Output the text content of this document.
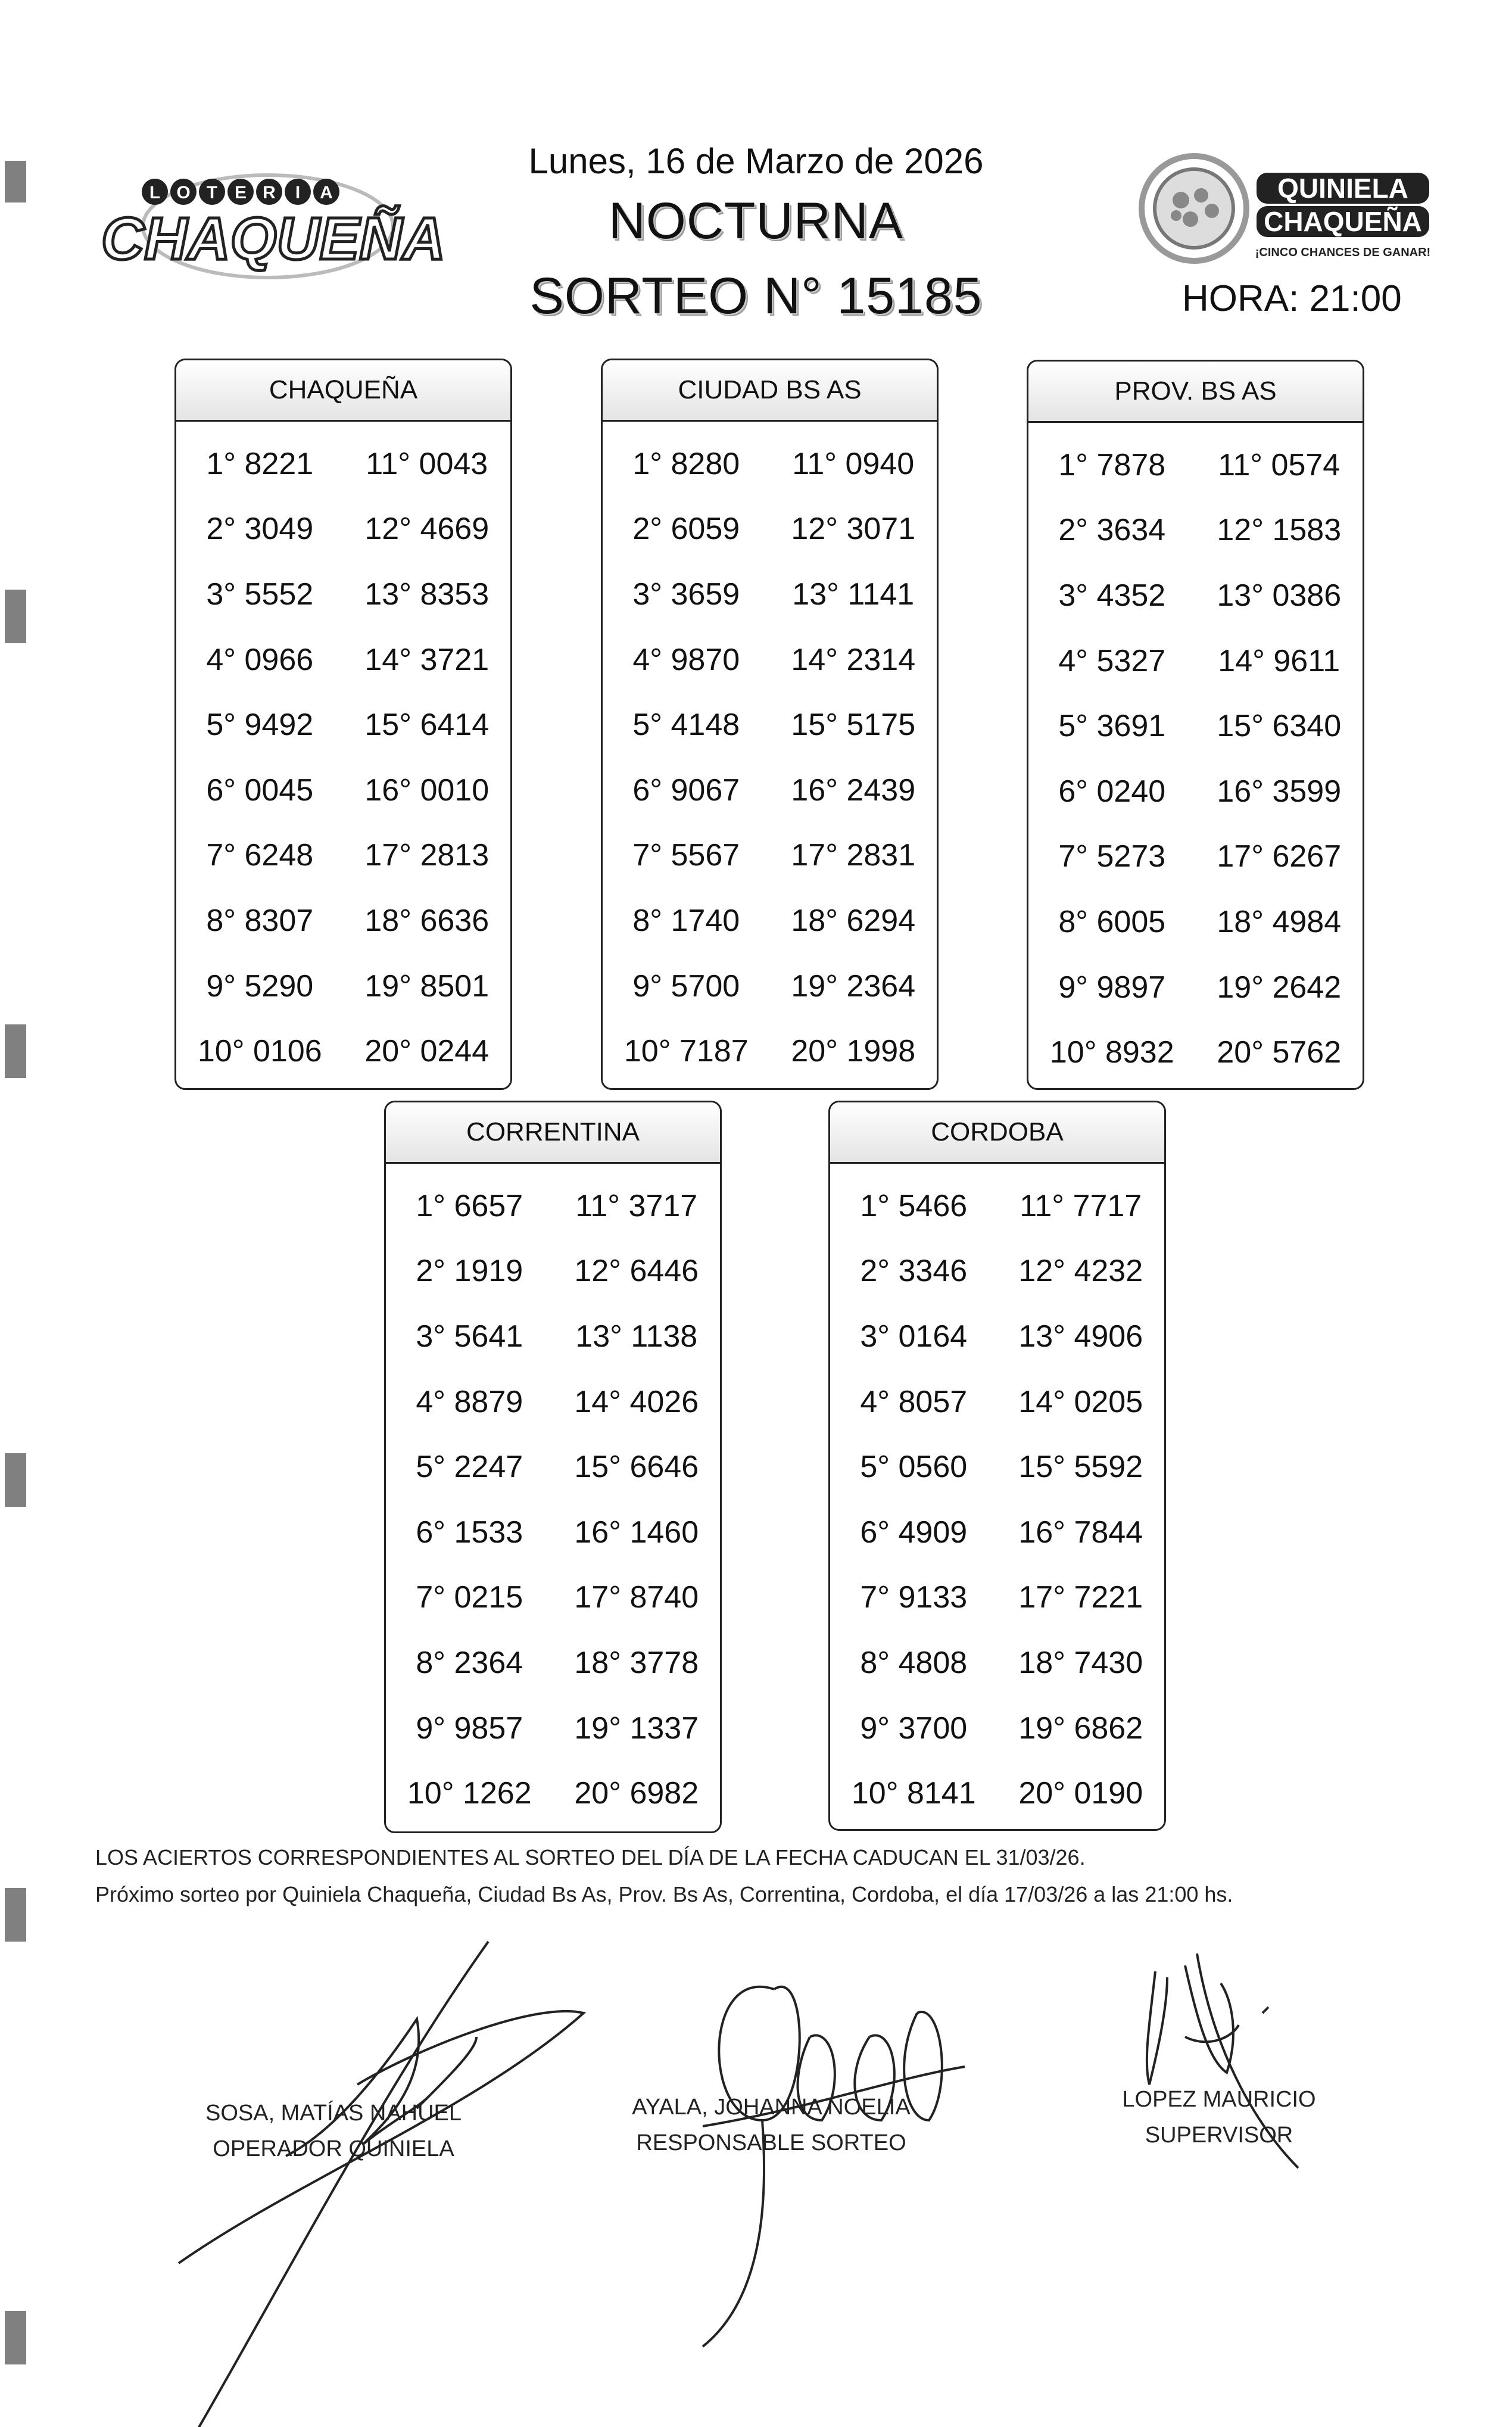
L O T E R I A
CHAQUEÑA
QUINIELA
CHAQUEÑA
¡CINCO CHANCES DE GANAR!
Lunes, 16 de Marzo de 2026
NOCTURNA
SORTEO N° 15185	HORA: 21:00
CHAQUEÑA
1° 8221	11° 0043
2° 3049	12° 4669
3° 5552	13° 8353
4° 0966	14° 3721
5° 9492	15° 6414
6° 0045	16° 0010
7° 6248	17° 2813
8° 8307	18° 6636
9° 5290	19° 8501
10° 0106	20° 0244
CIUDAD BS AS
1° 8280	11° 0940
2° 6059	12° 3071
3° 3659	13° 1141
4° 9870	14° 2314
5° 4148	15° 5175
6° 9067	16° 2439
7° 5567	17° 2831
8° 1740	18° 6294
9° 5700	19° 2364
10° 7187	20° 1998
PROV. BS AS
1° 7878	11° 0574
2° 3634	12° 1583
3° 4352	13° 0386
4° 5327	14° 9611
5° 3691	15° 6340
6° 0240	16° 3599
7° 5273	17° 6267
8° 6005	18° 4984
9° 9897	19° 2642
10° 8932	20° 5762
CORRENTINA
1° 6657	11° 3717
2° 1919	12° 6446
3° 5641	13° 1138
4° 8879	14° 4026
5° 2247	15° 6646
6° 1533	16° 1460
7° 0215	17° 8740
8° 2364	18° 3778
9° 9857	19° 1337
10° 1262	20° 6982
CORDOBA
1° 5466	11° 7717
2° 3346	12° 4232
3° 0164	13° 4906
4° 8057	14° 0205
5° 0560	15° 5592
6° 4909	16° 7844
7° 9133	17° 7221
8° 4808	18° 7430
9° 3700	19° 6862
10° 8141	20° 0190
LOS ACIERTOS CORRESPONDIENTES AL SORTEO DEL DÍA DE LA FECHA CADUCAN EL 31/03/26.
Próximo sorteo por Quiniela Chaqueña, Ciudad Bs As, Prov. Bs As, Correntina, Cordoba, el día 17/03/26 a las 21:00 hs.
SOSA, MATÍAS NAHUEL
OPERADOR QUINIELA
AYALA, JOHANNA NOELIA
RESPONSABLE SORTEO
LOPEZ MAURICIO
SUPERVISOR
